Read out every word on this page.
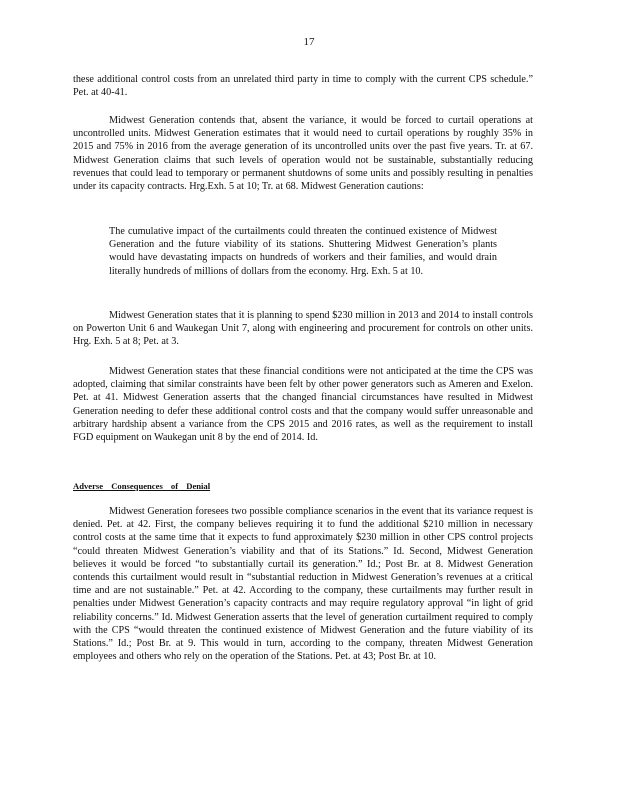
17

these additional control costs from an unrelated third party in time to comply with the current CPS schedule.” Pet. at 40-41.

Midwest Generation contends that, absent the variance, it would be forced to curtail operations at uncontrolled units. Midwest Generation estimates that it would need to curtail operations by roughly 35% in 2015 and 75% in 2016 from the average generation of its uncontrolled units over the past five years. Tr. at 67. Midwest Generation claims that such levels of operation would not be sustainable, substantially reducing revenues that could lead to temporary or permanent shutdowns of some units and possibly resulting in penalties under its capacity contracts. Hrg.Exh. 5 at 10; Tr. at 68. Midwest Generation cautions:

The cumulative impact of the curtailments could threaten the continued existence of Midwest Generation and the future viability of its stations. Shuttering Midwest Generation’s plants would have devastating impacts on hundreds of workers and their families, and would drain literally hundreds of millions of dollars from the economy. Hrg. Exh. 5 at 10.

Midwest Generation states that it is planning to spend $230 million in 2013 and 2014 to install controls on Powerton Unit 6 and Waukegan Unit 7, along with engineering and procurement for controls on other units. Hrg. Exh. 5 at 8; Pet. at 3.

Midwest Generation states that these financial conditions were not anticipated at the time the CPS was adopted, claiming that similar constraints have been felt by other power generators such as Ameren and Exelon. Pet. at 41. Midwest Generation asserts that the changed financial circumstances have resulted in Midwest Generation needing to defer these additional control costs and that the company would suffer unreasonable and arbitrary hardship absent a variance from the CPS 2015 and 2016 rates, as well as the requirement to install FGD equipment on Waukegan unit 8 by the end of 2014. Id.

Adverse Consequences of Denial

Midwest Generation foresees two possible compliance scenarios in the event that its variance request is denied. Pet. at 42. First, the company believes requiring it to fund the additional $210 million in necessary control costs at the same time that it expects to fund approximately $230 million in other CPS control projects “could threaten Midwest Generation’s viability and that of its Stations.” Id. Second, Midwest Generation believes it would be forced “to substantially curtail its generation.” Id.; Post Br. at 8. Midwest Generation contends this curtailment would result in “substantial reduction in Midwest Generation’s revenues at a critical time and are not sustainable.” Pet. at 42. According to the company, these curtailments may further result in penalties under Midwest Generation’s capacity contracts and may require regulatory approval “in light of grid reliability concerns.” Id. Midwest Generation asserts that the level of generation curtailment required to comply with the CPS “would threaten the continued existence of Midwest Generation and the future viability of its Stations.” Id.; Post Br. at 9. This would in turn, according to the company, threaten Midwest Generation employees and others who rely on the operation of the Stations. Pet. at 43; Post Br. at 10.
